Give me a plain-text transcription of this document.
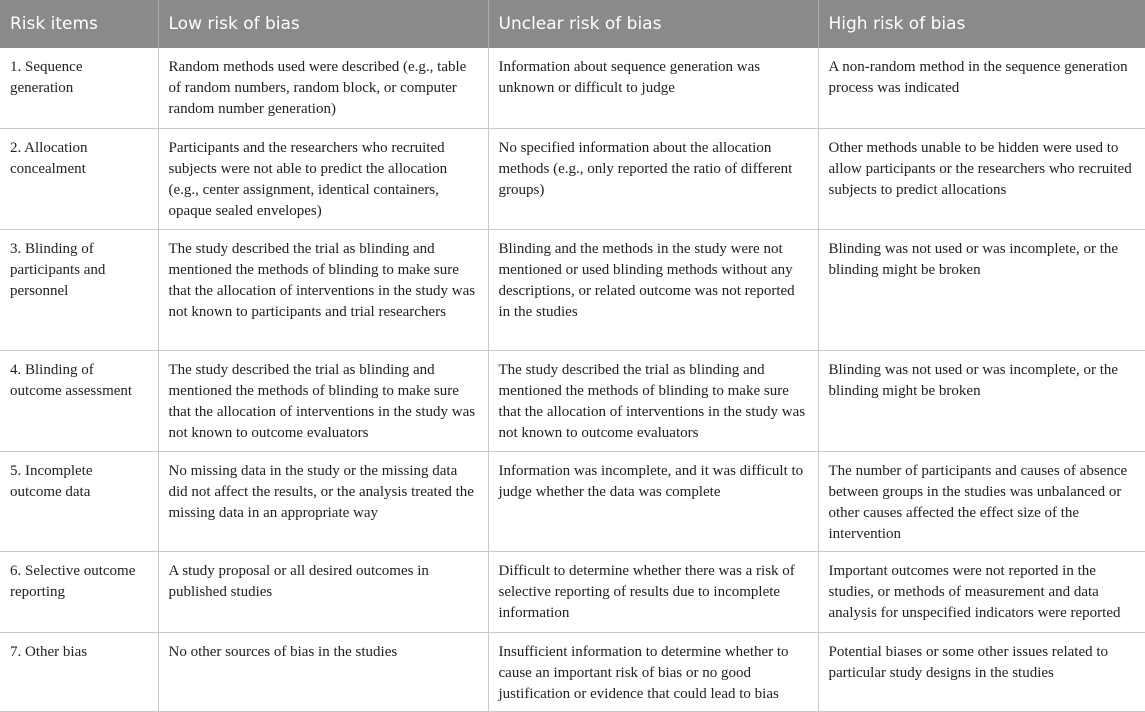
Risk items	Low risk of bias	Unclear risk of bias	High risk of bias
1. Sequence generation	Random methods used were described (e.g., table of random numbers, random block, or computer random number generation)	Information about sequence generation was unknown or difficult to judge	A non-random method in the sequence generation process was indicated
2. Allocation concealment	Participants and the researchers who recruited subjects were not able to predict the allocation (e.g., center assignment, identical containers, opaque sealed envelopes)	No specified information about the allocation methods (e.g., only reported the ratio of different groups)	Other methods unable to be hidden were used to allow participants or the researchers who recruited subjects to predict allocations
3. Blinding of participants and personnel	The study described the trial as blinding and mentioned the methods of blinding to make sure that the allocation of interventions in the study was not known to participants and trial researchers	Blinding and the methods in the study were not mentioned or used blinding methods without any descriptions, or related outcome was not reported in the studies	Blinding was not used or was incomplete, or the blinding might be broken
4. Blinding of outcome assessment	The study described the trial as blinding and mentioned the methods of blinding to make sure that the allocation of interventions in the study was not known to outcome evaluators	The study described the trial as blinding and mentioned the methods of blinding to make sure that the allocation of interventions in the study was not known to outcome evaluators	Blinding was not used or was incomplete, or the blinding might be broken
5. Incomplete outcome data	No missing data in the study or the missing data did not affect the results, or the analysis treated the missing data in an appropriate way	Information was incomplete, and it was difficult to judge whether the data was complete	The number of participants and causes of absence between groups in the studies was unbalanced or other causes affected the effect size of the intervention
6. Selective outcome reporting	A study proposal or all desired outcomes in published studies	Difficult to determine whether there was a risk of selective reporting of results due to incomplete information	Important outcomes were not reported in the studies, or methods of measurement and data analysis for unspecified indicators were reported
7. Other bias	No other sources of bias in the studies	Insufficient information to determine whether to cause an important risk of bias or no good justification or evidence that could lead to bias	Potential biases or some other issues related to particular study designs in the studies
